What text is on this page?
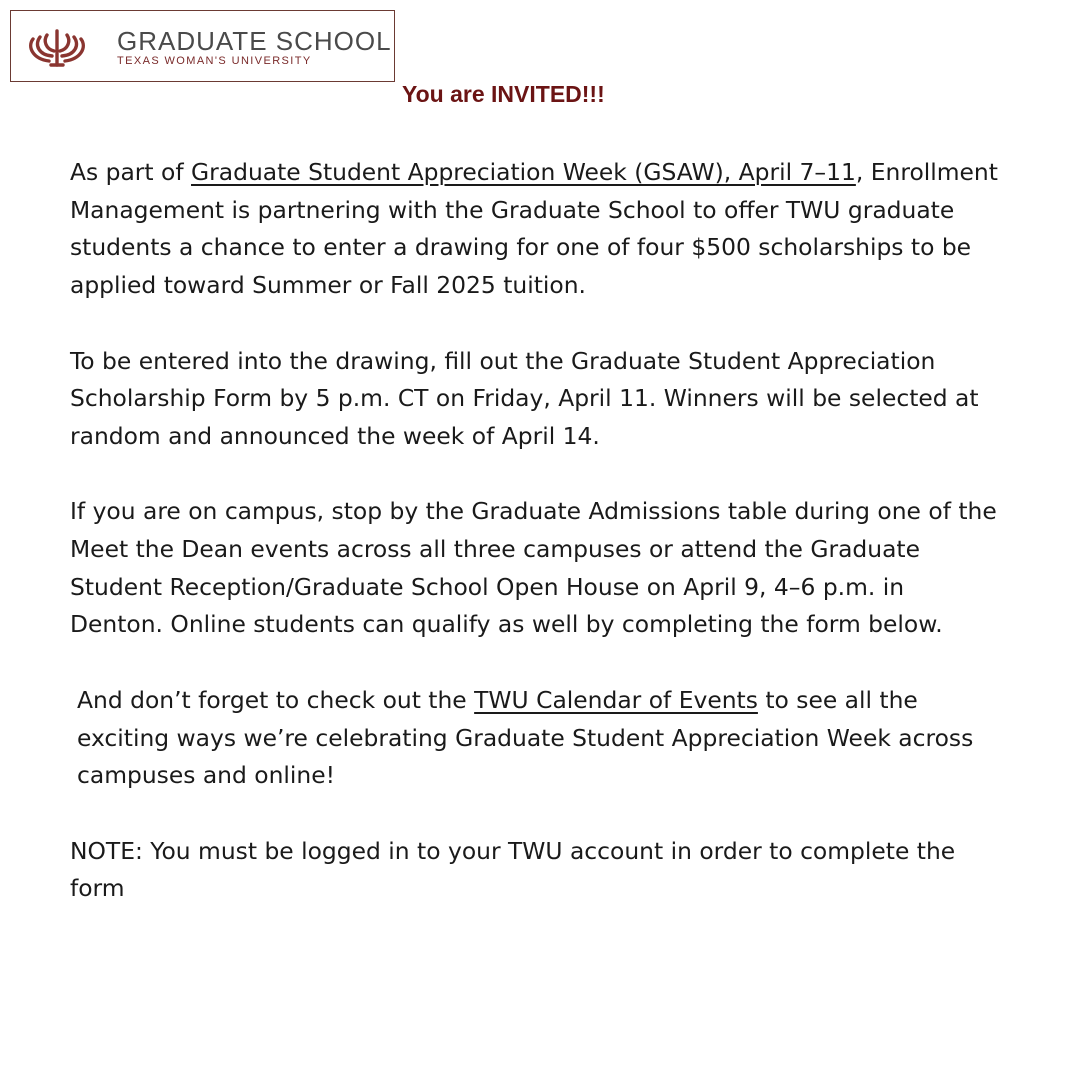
GRADUATE SCHOOL
TEXAS WOMAN'S UNIVERSITY
You are INVITED!!!

As part of Graduate Student Appreciation Week (GSAW), April 7–11, Enrollment Management is partnering with the Graduate School to offer TWU graduate students a chance to enter a drawing for one of four $500 scholarships to be applied toward Summer or Fall 2025 tuition.

To be entered into the drawing, fill out the Graduate Student Appreciation Scholarship Form by 5 p.m. CT on Friday, April 11. Winners will be selected at random and announced the week of April 14.

If you are on campus, stop by the Graduate Admissions table during one of the Meet the Dean events across all three campuses or attend the Graduate Student Reception/Graduate School Open House on April 9, 4–6 p.m. in Denton. Online students can qualify as well by completing the form below.

And don’t forget to check out the TWU Calendar of Events to see all the exciting ways we’re celebrating Graduate Student Appreciation Week across campuses and online!

NOTE: You must be logged in to your TWU account in order to complete the form
